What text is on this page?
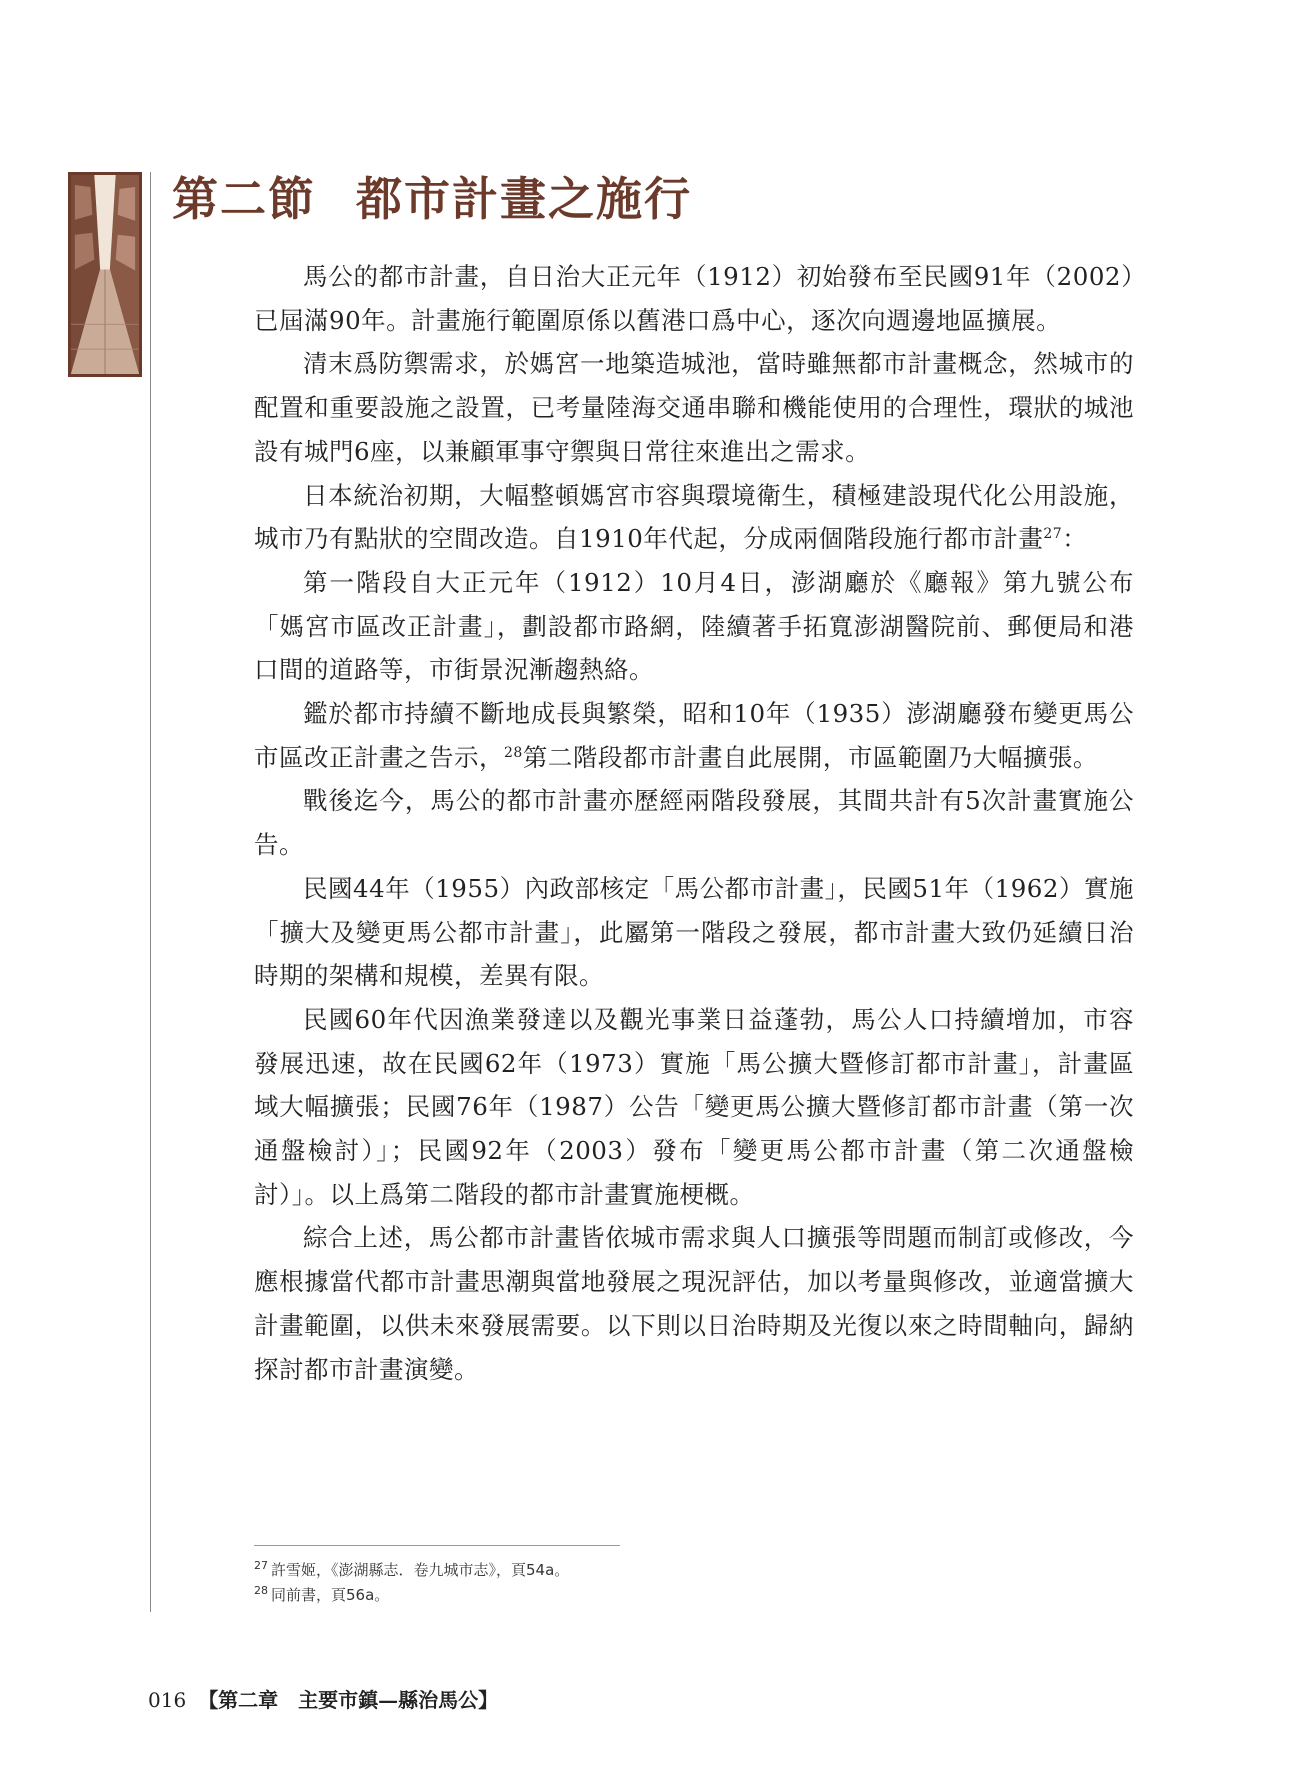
第二節 都市計畫之施行

馬公的都市計畫，自日治大正元年（1912）初始發布至民國91年（2002）已屆滿90年。計畫施行範圍原係以舊港口爲中心，逐次向週邊地區擴展。

清末爲防禦需求，於媽宮一地築造城池，當時雖無都市計畫概念，然城市的配置和重要設施之設置，已考量陸海交通串聯和機能使用的合理性，環狀的城池設有城門6座，以兼顧軍事守禦與日常往來進出之需求。

日本統治初期，大幅整頓媽宮市容與環境衛生，積極建設現代化公用設施，城市乃有點狀的空間改造。自1910年代起，分成兩個階段施行都市計畫$^{27}$：

第一階段自大正元年（1912）10月4日，澎湖廳於《廳報》第九號公布「媽宮市區改正計畫」，劃設都市路網，陸續著手拓寬澎湖醫院前、郵便局和港口間的道路等，市街景況漸趨熱絡。

鑑於都市持續不斷地成長與繁榮，昭和10年（1935）澎湖廳發布變更馬公市區改正計畫之告示，$^{28}$第二階段都市計畫自此展開，市區範圍乃大幅擴張。

戰後迄今，馬公的都市計畫亦歷經兩階段發展，其間共計有5次計畫實施公告。

民國44年（1955）內政部核定「馬公都市計畫」，民國51年（1962）實施「擴大及變更馬公都市計畫」，此屬第一階段之發展，都市計畫大致仍延續日治時期的架構和規模，差異有限。

民國60年代因漁業發達以及觀光事業日益蓬勃，馬公人口持續增加，市容發展迅速，故在民國62年（1973）實施「馬公擴大暨修訂都市計畫」，計畫區域大幅擴張；民國76年（1987）公告「變更馬公擴大暨修訂都市計畫（第一次通盤檢討）」；民國92年（2003）發布「變更馬公都市計畫（第二次通盤檢討）」。以上爲第二階段的都市計畫實施梗概。

綜合上述，馬公都市計畫皆依城市需求與人口擴張等問題而制訂或修改，今應根據當代都市計畫思潮與當地發展之現況評估，加以考量與修改，並適當擴大計畫範圍，以供未來發展需要。以下則以日治時期及光復以來之時間軸向，歸納探討都市計畫演變。

$^{27}$ 許雪姬，《澎湖縣志．卷九城市志》，頁54a。
$^{28}$ 同前書，頁56a。
016 【第二章　主要市鎮—縣治馬公】
